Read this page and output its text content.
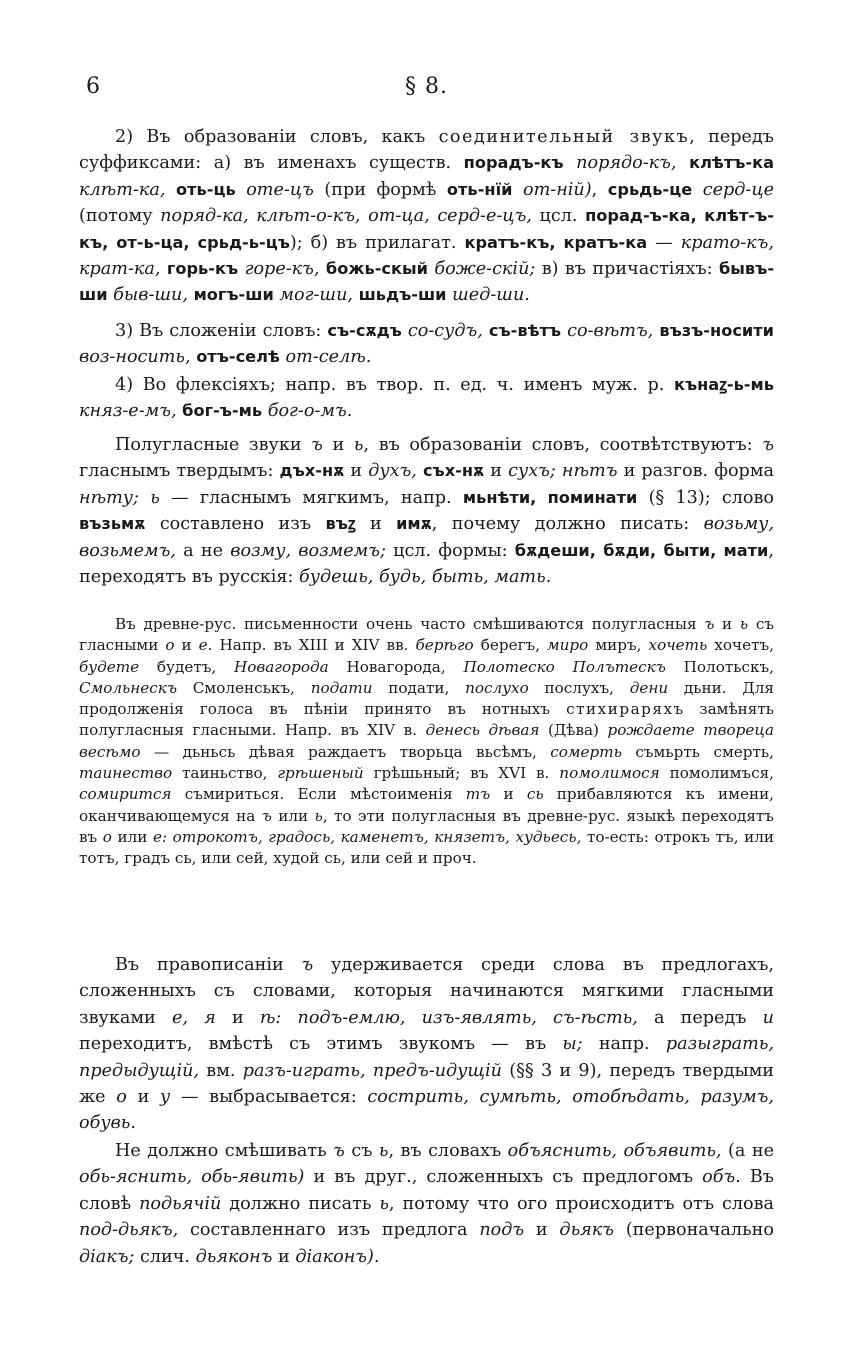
6	§ 8.

2) Въ образованіи словъ, какъ соединительный звукъ, передъ суффиксами: а) въ именахъ существ. порадъ-къ порядо-къ, клѣтъ-ка клѣт-ка, оть-ць оте-цъ (при формѣ оть-нїй от-ній), срьдь-це серд-це (потому поряд-ка, клѣт-о-къ, от-ца, серд-е-цъ, цсл. порад-ъ-ка, клѣт-ъ-къ, от-ь-ца, срьд-ь-цъ); б) въ прилагат. кратъ-къ, кратъ-ка — крато-къ, крат-ка, горь-къ горе-къ, божь-скый боже-скій; в) въ причастіяхъ: бывъ-ши быв-ши, могъ-ши мог-ши, шьдъ-ши шед-ши.

3) Въ сложеніи словъ: съ-сѫдъ со-судъ, съ-вѣтъ со-вѣтъ, възъ-носити воз-носить, отъ-селѣ от-селѣ.

4) Во флексіяхъ; напр. въ твор. п. ед. ч. именъ муж. р. кънаꙁ-ь-мь княз-е-мъ, бог-ъ-мь бог-о-мъ.

Полугласные звуки ъ и ь, въ образованіи словъ, соотвѣтствуютъ: ъ гласнымъ твердымъ: дъх-нѫ и духъ, съх-нѫ и сухъ; нѣтъ и разгов. форма нѣту; ь — гласнымъ мягкимъ, напр. мьнѣти, поминати (§ 13); слово възьмѫ составлено изъ въꙁ и имѫ, почему должно писать: возьму, возьмемъ, а не возму, возмемъ; цсл. формы: бѫдеши, бѫди, быти, мати, переходятъ въ русскія: будешь, будь, быть, мать.

Въ древне-рус. письменности очень часто смѣшиваются полугласныя ъ и ь съ гласными о и е. Напр. въ XIII и XIV вв. берѣго берегъ, миро миръ, хочеть хочетъ, будете будетъ, Новагорода Новагорода, Полотеско Полътескъ Полотьскъ, Смольнескъ Смоленськъ, подати подати, послухо послухъ, дени дьни. Для продолженія голоса въ пѣніи принято въ нотныхъ стихираряхъ замѣнять полугласныя гласными. Напр. въ XIV в. денесь дѣвая (Дѣва) рождаете твореца весѣмо — дьньсь дѣвая раждаетъ творьца вьсѣмъ, сомерть съмьрть смерть, таинество таиньство, грѣшеный грѣшьный; въ XVI в. помолимося помолимъся, сомирится съмириться. Если мѣстоименія тъ и сь прибавляются къ имени, оканчивающемуся на ъ или ь, то эти полугласныя въ древне-рус. языкѣ переходятъ въ о или е: отрокотъ, градось, каменетъ, князетъ, худьесь, то-есть: отрокъ тъ, или тотъ, градъ сь, или сей, худой сь, или сей и проч.

Въ правописаніи ъ удерживается среди слова въ предлогахъ, сложенныхъ съ словами, которыя начинаются мягкими гласными звуками е, я и ѣ: подъ-емлю, изъ-являть, съ-ѣсть, а передъ и переходитъ, вмѣстѣ съ этимъ звукомъ — въ ы; напр. разыграть, предыдущій, вм. разъ-играть, предъ-идущій (§§ 3 и 9), передъ твердыми же о и у — выбрасывается: сострить, сумѣть, отобѣдать, разумъ, обувь.

Не должно смѣшивать ъ съ ь, въ словахъ объяснить, объявить, (а не обь-яснить, обь-явить) и въ друг., сложенныхъ съ предлогомъ объ. Въ словѣ подьячій должно писать ь, потому что ого происходитъ отъ слова под-дьякъ, составленнаго изъ предлога подъ и дьякъ (первоначально діакъ; слич. дьяконъ и діаконъ).
